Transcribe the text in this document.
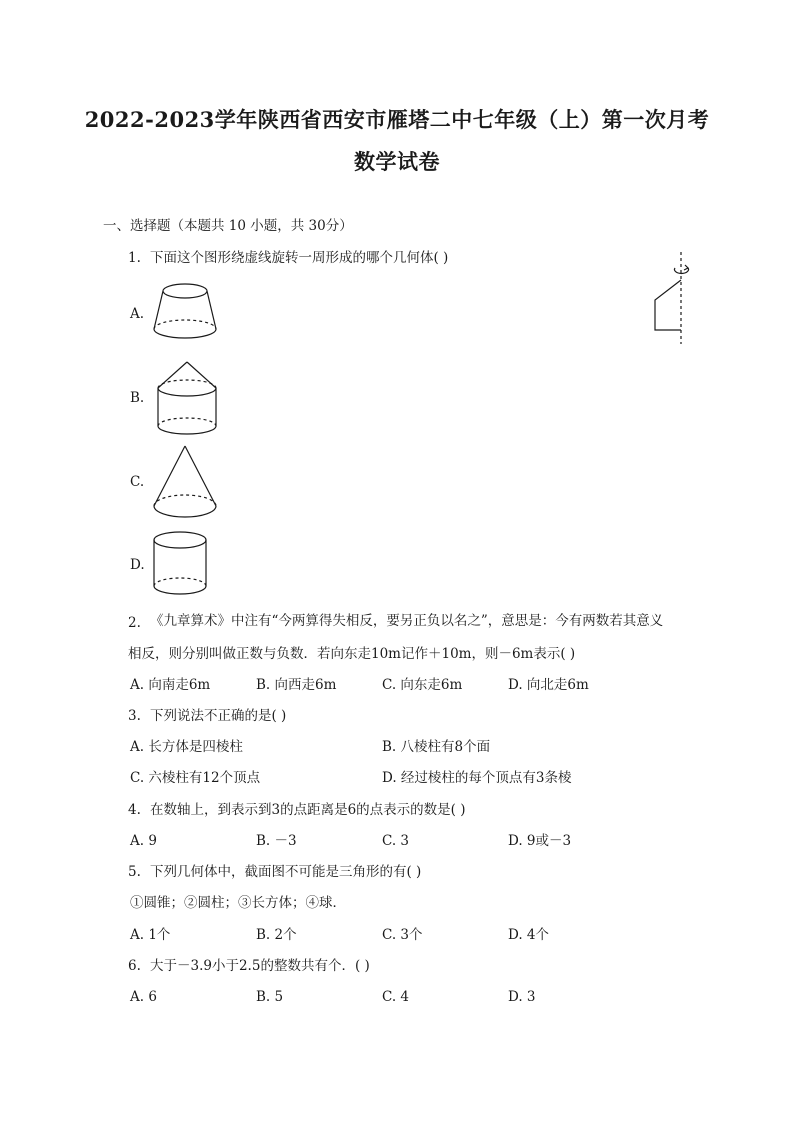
2022-2023学年陕西省西安市雁塔二中七年级（上）第一次月考
数学试卷
一、选择题（本题共 10 小题，共 30分）
1. 下面这个图形绕虚线旋转一周形成的哪个几何体( )
A.
B.
C.
D.
2. 《九章算术》中注有“今两算得失相反，要另正负以名之”，意思是：今有两数若其意义
相反，则分别叫做正数与负数．若向东走10m记作＋10m，则－6m表示( )
A. 向南走6m	B. 向西走6m	C. 向东走6m	D. 向北走6m
3. 下列说法不正确的是( )
A. 长方体是四棱柱	B. 八棱柱有8个面
C. 六棱柱有12个顶点	D. 经过棱柱的每个顶点有3条棱
4. 在数轴上，到表示到3的点距离是6的点表示的数是( )
A. 9	B. －3	C. 3	D. 9或－3
5. 下列几何体中，截面图不可能是三角形的有( )
①圆锥；②圆柱；③长方体；④球．
A. 1个	B. 2个	C. 3个	D. 4个
6. 大于－3.9小于2.5的整数共有个．( )
A. 6	B. 5	C. 4	D. 3
